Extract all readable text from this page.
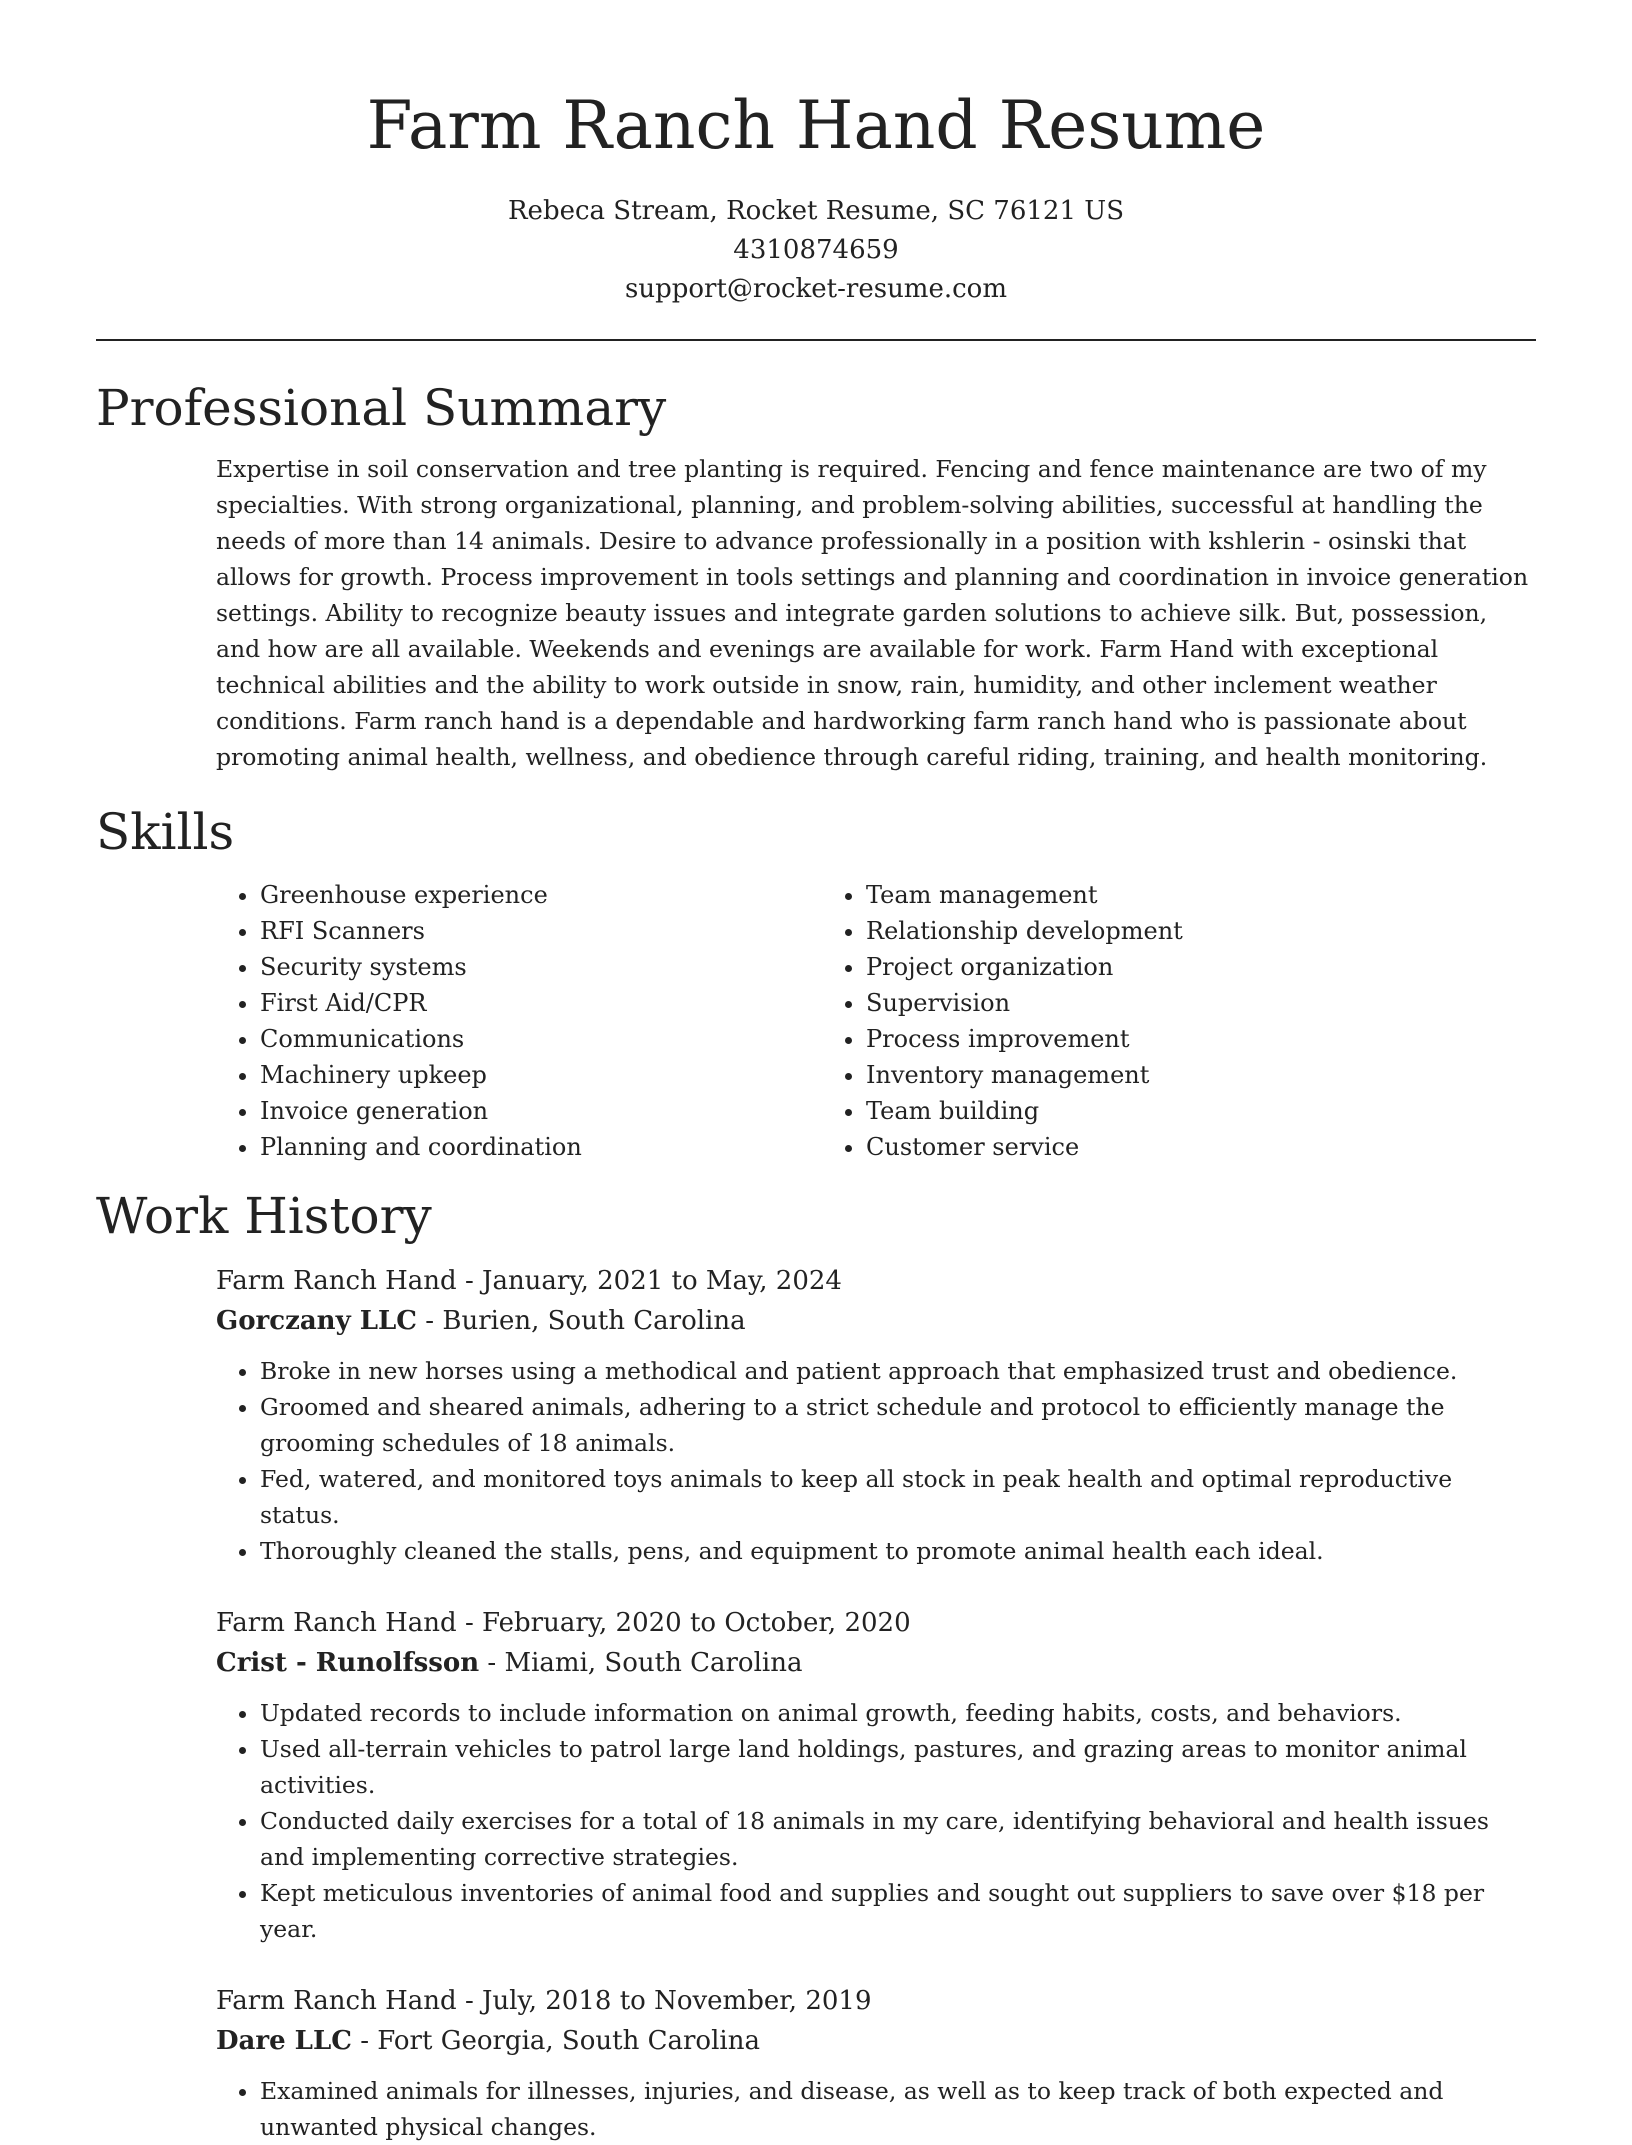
Farm Ranch Hand Resume
Rebeca Stream, Rocket Resume, SC 76121 US
4310874659
support@rocket-resume.com
Professional Summary

Expertise in soil conservation and tree planting is required. Fencing and fence maintenance are two of my specialties. With strong organizational, planning, and problem-solving abilities, successful at handling the needs of more than 14 animals. Desire to advance professionally in a position with kshlerin - osinski that allows for growth. Process improvement in tools settings and planning and coordination in invoice generation settings. Ability to recognize beauty issues and integrate garden solutions to achieve silk. But, possession, and how are all available. Weekends and evenings are available for work. Farm Hand with exceptional technical abilities and the ability to work outside in snow, rain, humidity, and other inclement weather conditions. Farm ranch hand is a dependable and hardworking farm ranch hand who is passionate about promoting animal health, wellness, and obedience through careful riding, training, and health monitoring.

Skills
• Greenhouse experience
• RFI Scanners
• Security systems
• First Aid/CPR
• Communications
• Machinery upkeep
• Invoice generation
• Planning and coordination
• Team management
• Relationship development
• Project organization
• Supervision
• Process improvement
• Inventory management
• Team building
• Customer service
Work History
Farm Ranch Hand - January, 2021 to May, 2024
Gorczany LLC - Burien, South Carolina
• Broke in new horses using a methodical and patient approach that emphasized trust and obedience.
• Groomed and sheared animals, adhering to a strict schedule and protocol to efficiently manage the grooming schedules of 18 animals.
• Fed, watered, and monitored toys animals to keep all stock in peak health and optimal reproductive status.
• Thoroughly cleaned the stalls, pens, and equipment to promote animal health each ideal.
Farm Ranch Hand - February, 2020 to October, 2020
Crist - Runolfsson - Miami, South Carolina
• Updated records to include information on animal growth, feeding habits, costs, and behaviors.
• Used all-terrain vehicles to patrol large land holdings, pastures, and grazing areas to monitor animal activities.
• Conducted daily exercises for a total of 18 animals in my care, identifying behavioral and health issues and implementing corrective strategies.
• Kept meticulous inventories of animal food and supplies and sought out suppliers to save over $18 per year.
Farm Ranch Hand - July, 2018 to November, 2019
Dare LLC - Fort Georgia, South Carolina
• Examined animals for illnesses, injuries, and disease, as well as to keep track of both expected and unwanted physical changes.
